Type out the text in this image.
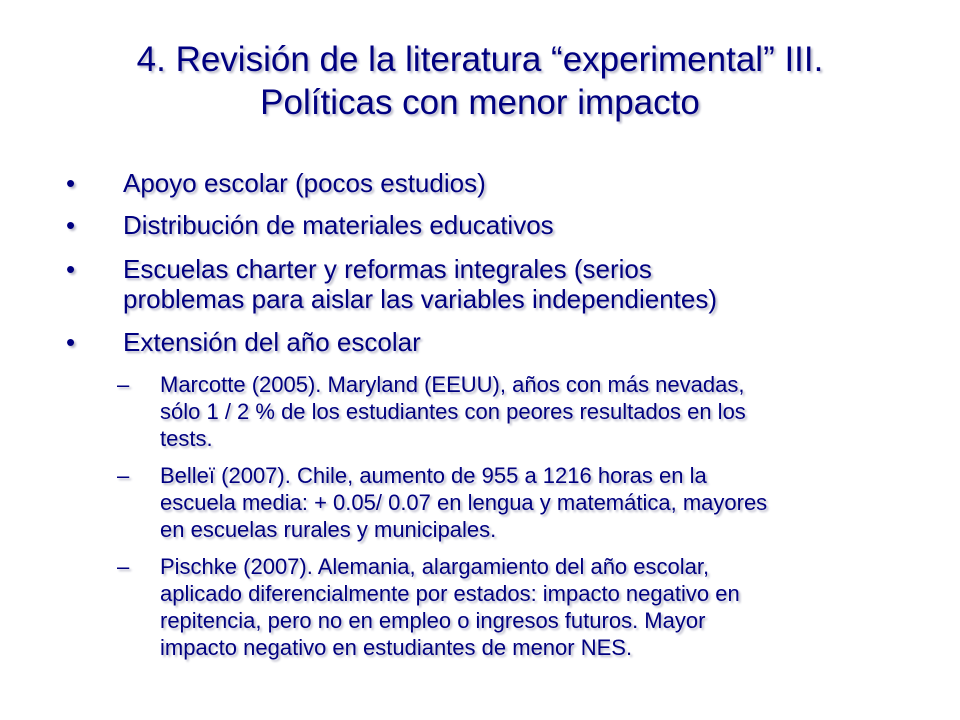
4. Revisión de la literatura “experimental” III.
Políticas con menor impacto
•	Apoyo escolar (pocos estudios)
•	Distribución de materiales educativos
•	Escuelas charter y reformas integrales (serios
problemas para aislar las variables independientes)
•	Extensión del año escolar
–	Marcotte (2005). Maryland (EEUU), años con más nevadas,
sólo 1 / 2 % de los estudiantes con peores resultados en los
tests.
–	Belleï (2007). Chile, aumento de 955 a 1216 horas en la
escuela media: + 0.05/ 0.07 en lengua y matemática, mayores
en escuelas rurales y municipales.
–	Pischke (2007). Alemania, alargamiento del año escolar,
aplicado diferencialmente por estados: impacto negativo en
repitencia, pero no en empleo o ingresos futuros. Mayor
impacto negativo en estudiantes de menor NES.
